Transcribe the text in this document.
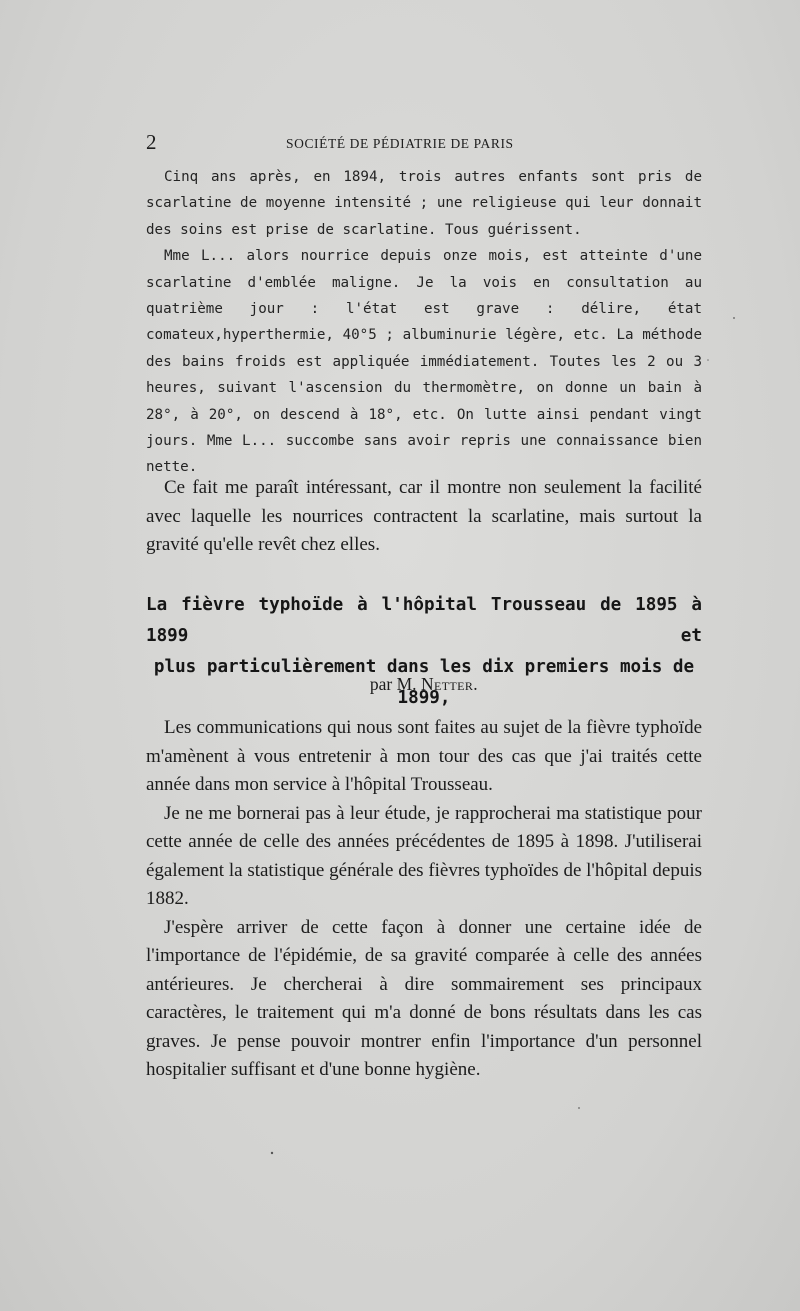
2	SOCIÉTÉ DE PÉDIATRIE DE PARIS

Cinq ans après, en 1894, trois autres enfants sont pris de scarlatine de moyenne intensité ; une religieuse qui leur donnait des soins est prise de scarlatine. Tous guérissent.

Mme L... alors nourrice depuis onze mois, est atteinte d'une scarlatine d'emblée maligne. Je la vois en consultation au quatrième jour : l'état est grave : délire, état comateux,hyperthermie, 40°5 ; albuminurie légère, etc. La méthode des bains froids est appliquée immédiatement. Toutes les 2 ou 3 heures, suivant l'ascension du thermomètre, on donne un bain à 28°, à 20°, on descend à 18°, etc. On lutte ainsi pendant vingt jours. Mme L... succombe sans avoir repris une connaissance bien nette.

Ce fait me paraît intéressant, car il montre non seulement la facilité avec laquelle les nourrices contractent la scarlatine, mais surtout la gravité qu'elle revêt chez elles.

La fièvre typhoïde à l'hôpital Trousseau de 1895 à 1899 et
plus particulièrement dans les dix premiers mois de 1899,
par M. Netter.

Les communications qui nous sont faites au sujet de la fièvre typhoïde m'amènent à vous entretenir à mon tour des cas que j'ai traités cette année dans mon service à l'hôpital Trousseau.

Je ne me bornerai pas à leur étude, je rapprocherai ma statistique pour cette année de celle des années précédentes de 1895 à 1898. J'utiliserai également la statistique générale des fièvres typhoïdes de l'hôpital depuis 1882.

J'espère arriver de cette façon à donner une certaine idée de l'importance de l'épidémie, de sa gravité comparée à celle des années antérieures. Je chercherai à dire sommairement ses principaux caractères, le traitement qui m'a donné de bons résultats dans les cas graves. Je pense pouvoir montrer enfin l'importance d'un personnel hospitalier suffisant et d'une bonne hygiène.
